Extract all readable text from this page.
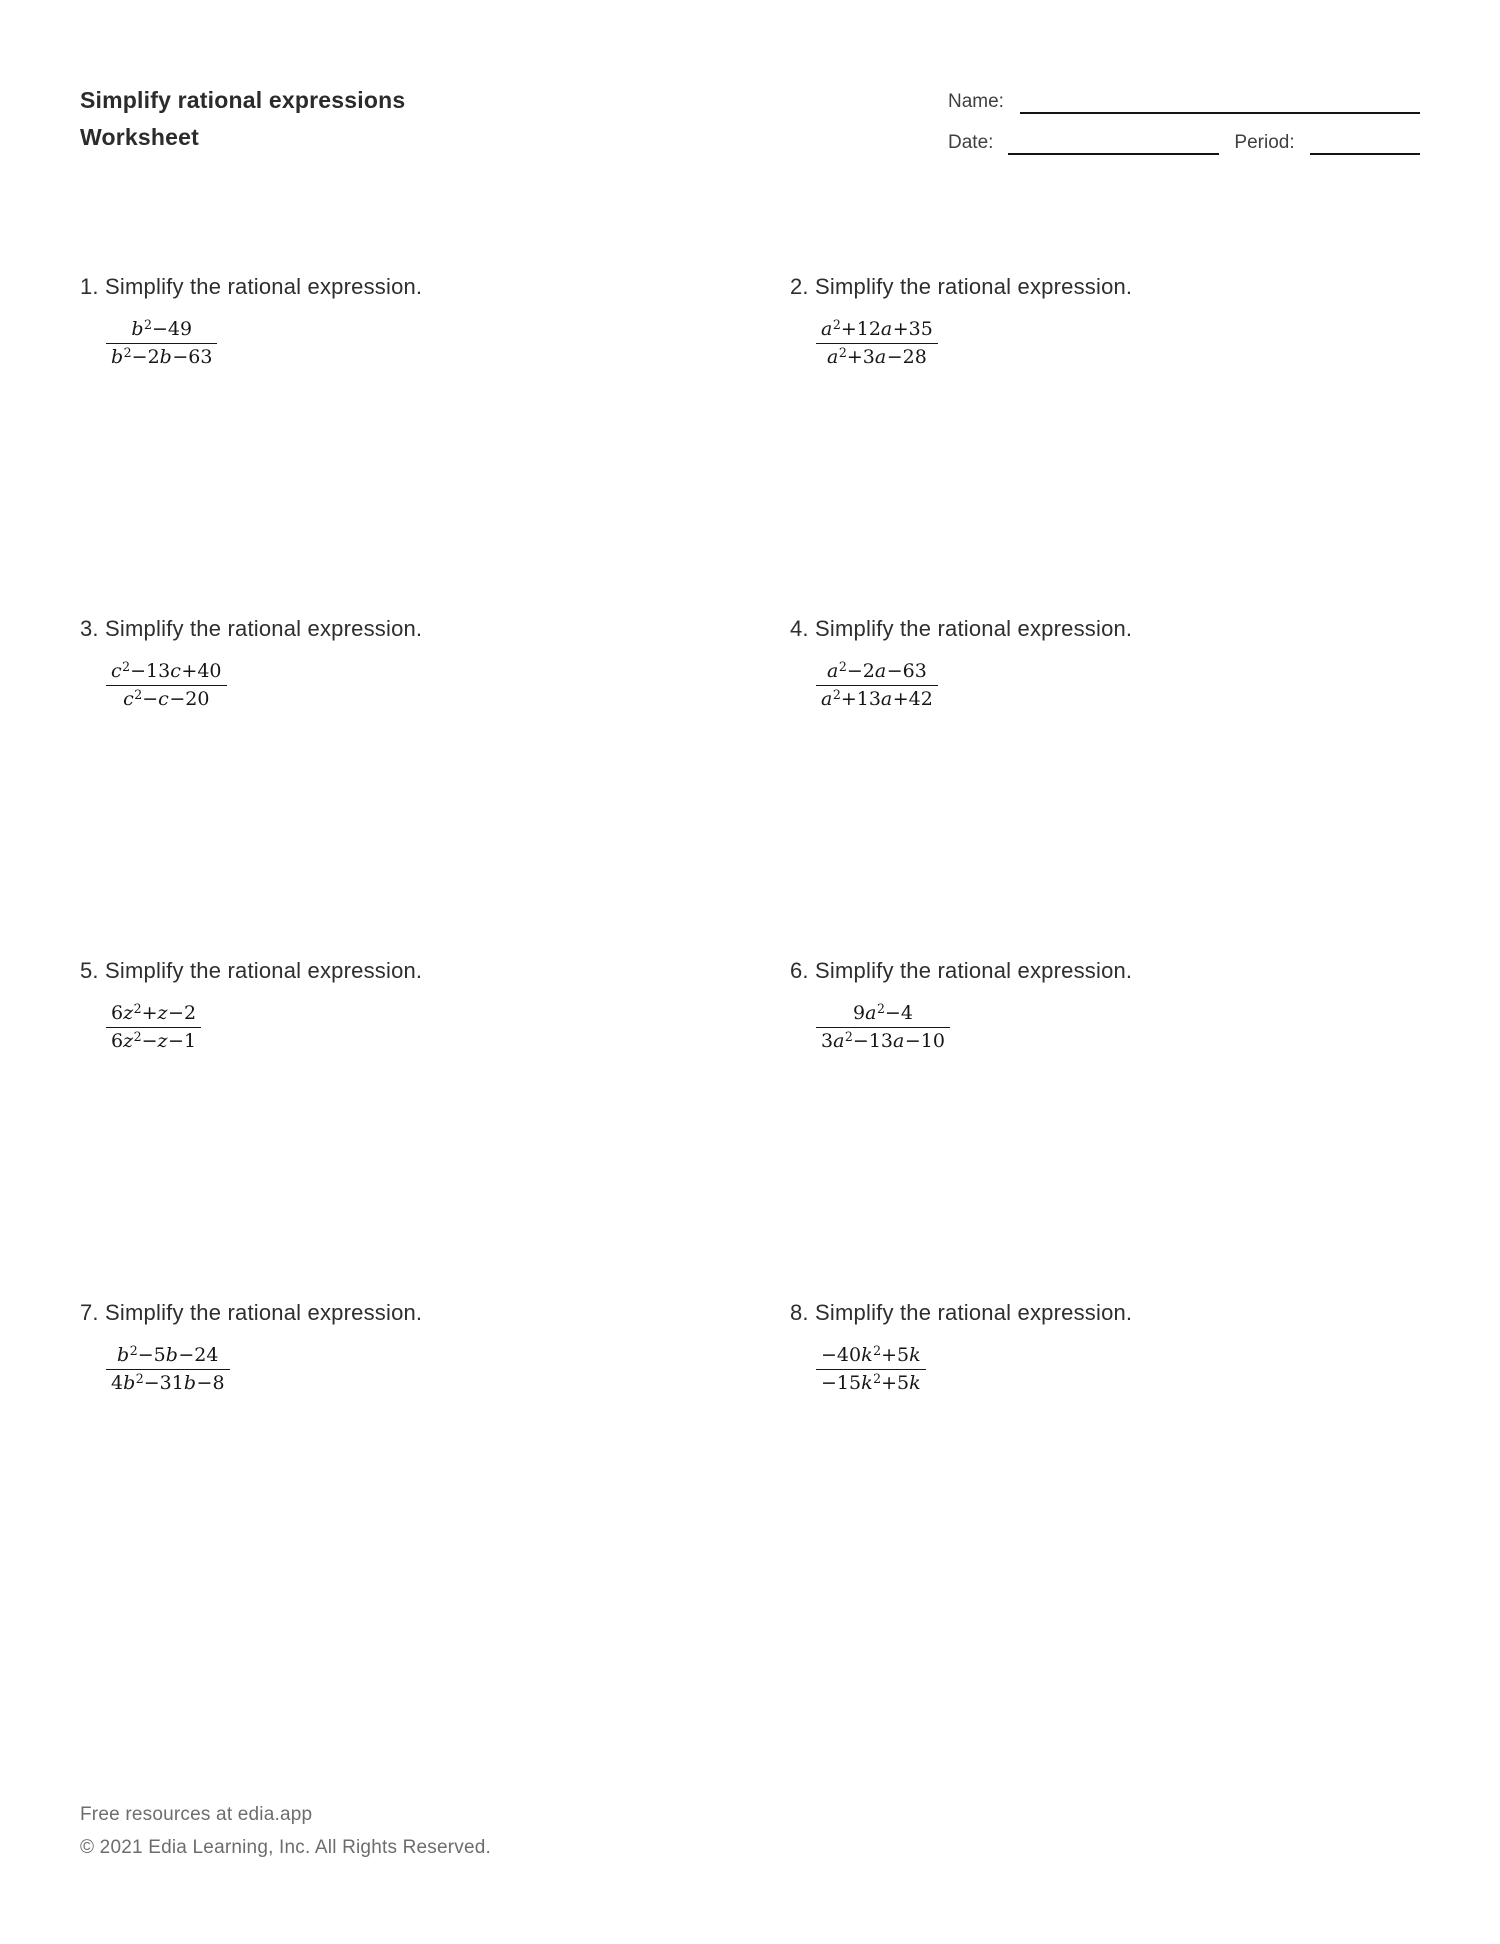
Simplify rational expressions
Worksheet
Name:
Date:	Period:
1. Simplify the rational expression.
$\frac{b^2-49}{b^2-2b-63}$
2. Simplify the rational expression.
$\frac{a^2+12a+35}{a^2+3a-28}$
3. Simplify the rational expression.
$\frac{c^2-13c+40}{c^2-c-20}$
4. Simplify the rational expression.
$\frac{a^2-2a-63}{a^2+13a+42}$
5. Simplify the rational expression.
$\frac{6z^2+z-2}{6z^2-z-1}$
6. Simplify the rational expression.
$\frac{9a^2-4}{3a^2-13a-10}$
7. Simplify the rational expression.
$\frac{b^2-5b-24}{4b^2-31b-8}$
8. Simplify the rational expression.
$\frac{-40k^2+5k}{-15k^2+5k}$
Free resources at edia.app
© 2021 Edia Learning, Inc. All Rights Reserved.
